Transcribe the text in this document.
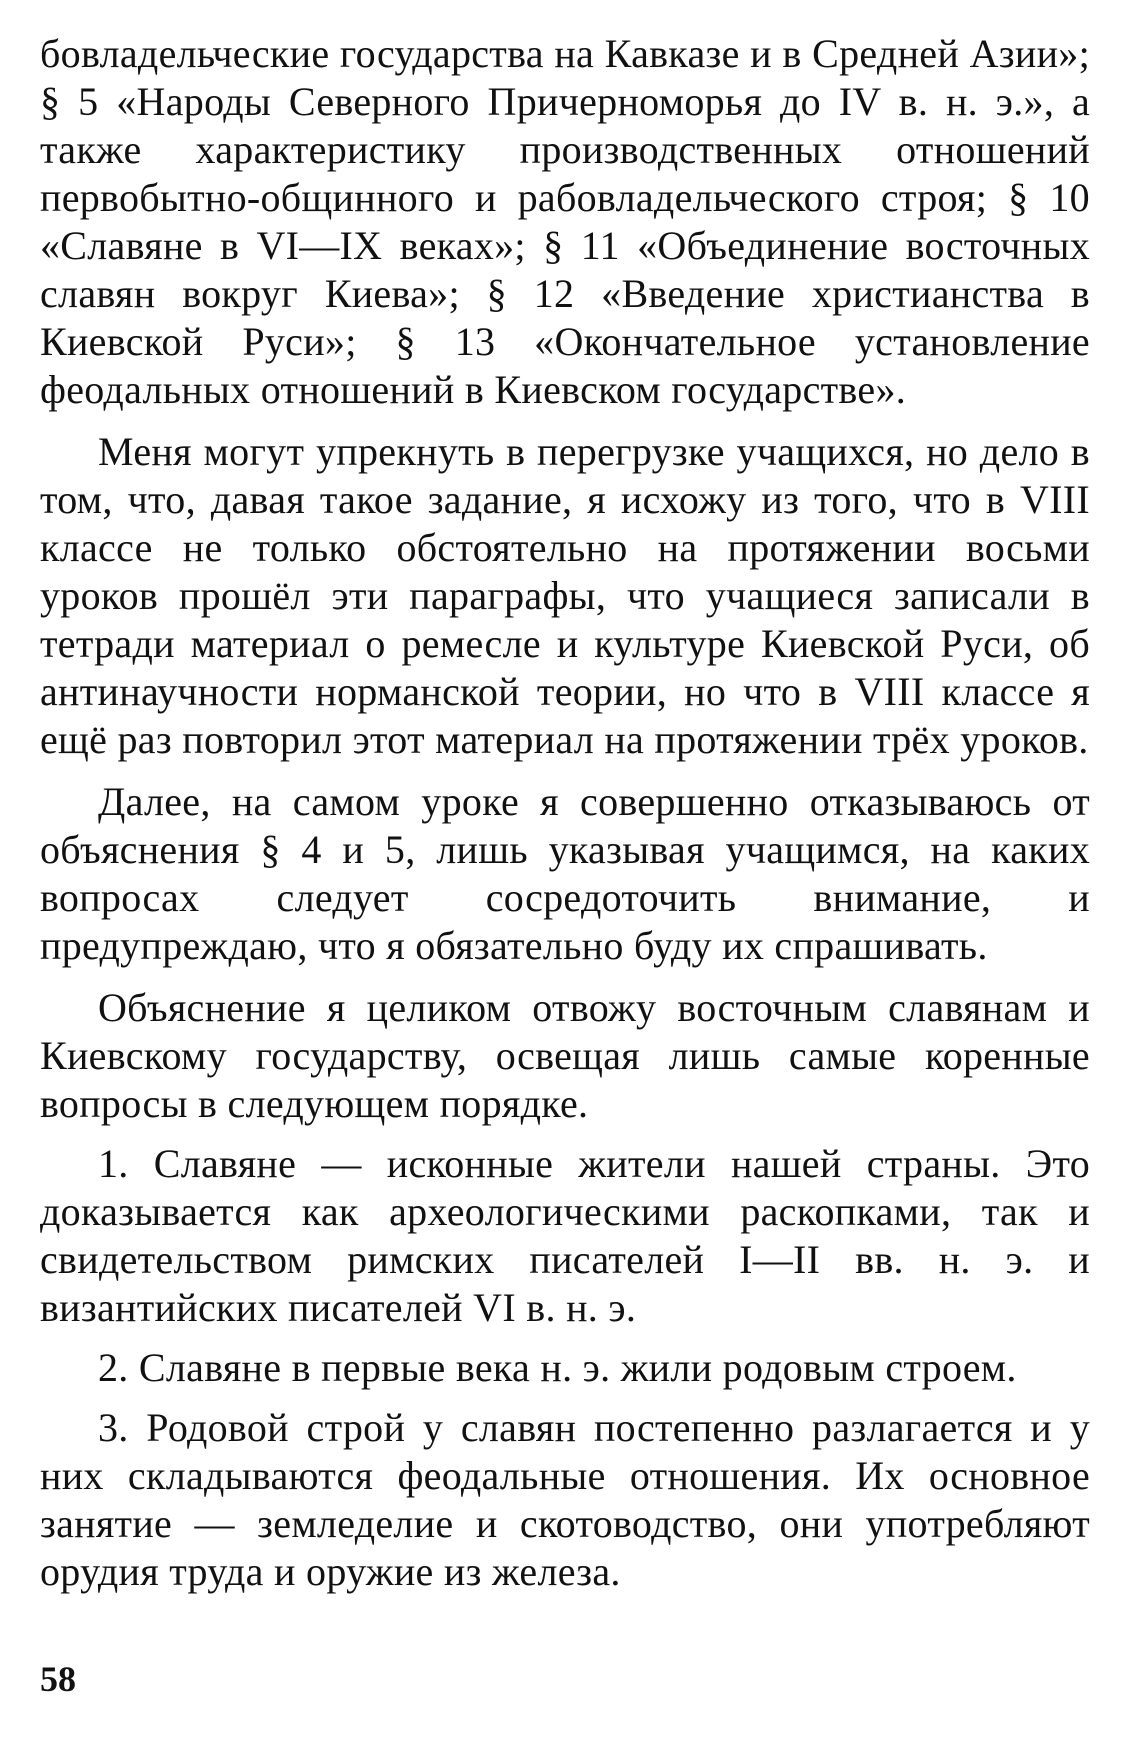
бовладельческие государства на Кавказе и в Средней Азии»; § 5 «Народы Северного Причерноморья до IV в. н. э.», а также характеристику производственных отношений первобытно-общинного и рабовладельческого строя; § 10 «Славяне в VI—IX веках»; § 11 «Объединение восточных славян вокруг Киева»; § 12 «Введение христианства в Киевской Руси»; § 13 «Окончательное установление феодальных отношений в Киевском государстве».

Меня могут упрекнуть в перегрузке учащихся, но дело в том, что, давая такое задание, я исхожу из того, что в VIII классе не только обстоятельно на протяжении восьми уроков прошёл эти параграфы, что учащиеся записали в тетради материал о ремесле и культуре Киевской Руси, об антинаучности норманской теории, но что в VIII классе я ещё раз повторил этот материал на протяжении трёх уроков.

Далее, на самом уроке я совершенно отказываюсь от объяснения § 4 и 5, лишь указывая учащимся, на каких вопросах следует сосредоточить внимание, и предупреждаю, что я обязательно буду их спрашивать.

Объяснение я целиком отвожу восточным славянам и Киевскому государству, освещая лишь самые коренные вопросы в следующем порядке.

1. Славяне — исконные жители нашей страны. Это доказывается как археологическими раскопками, так и свидетельством римских писателей I—II вв. н. э. и византийских писателей VI в. н. э.

2. Славяне в первые века н. э. жили родовым строем.

3. Родовой строй у славян постепенно разлагается и у них складываются феодальные отношения. Их основное занятие — земледелие и скотоводство, они употребляют орудия труда и оружие из железа.

58
